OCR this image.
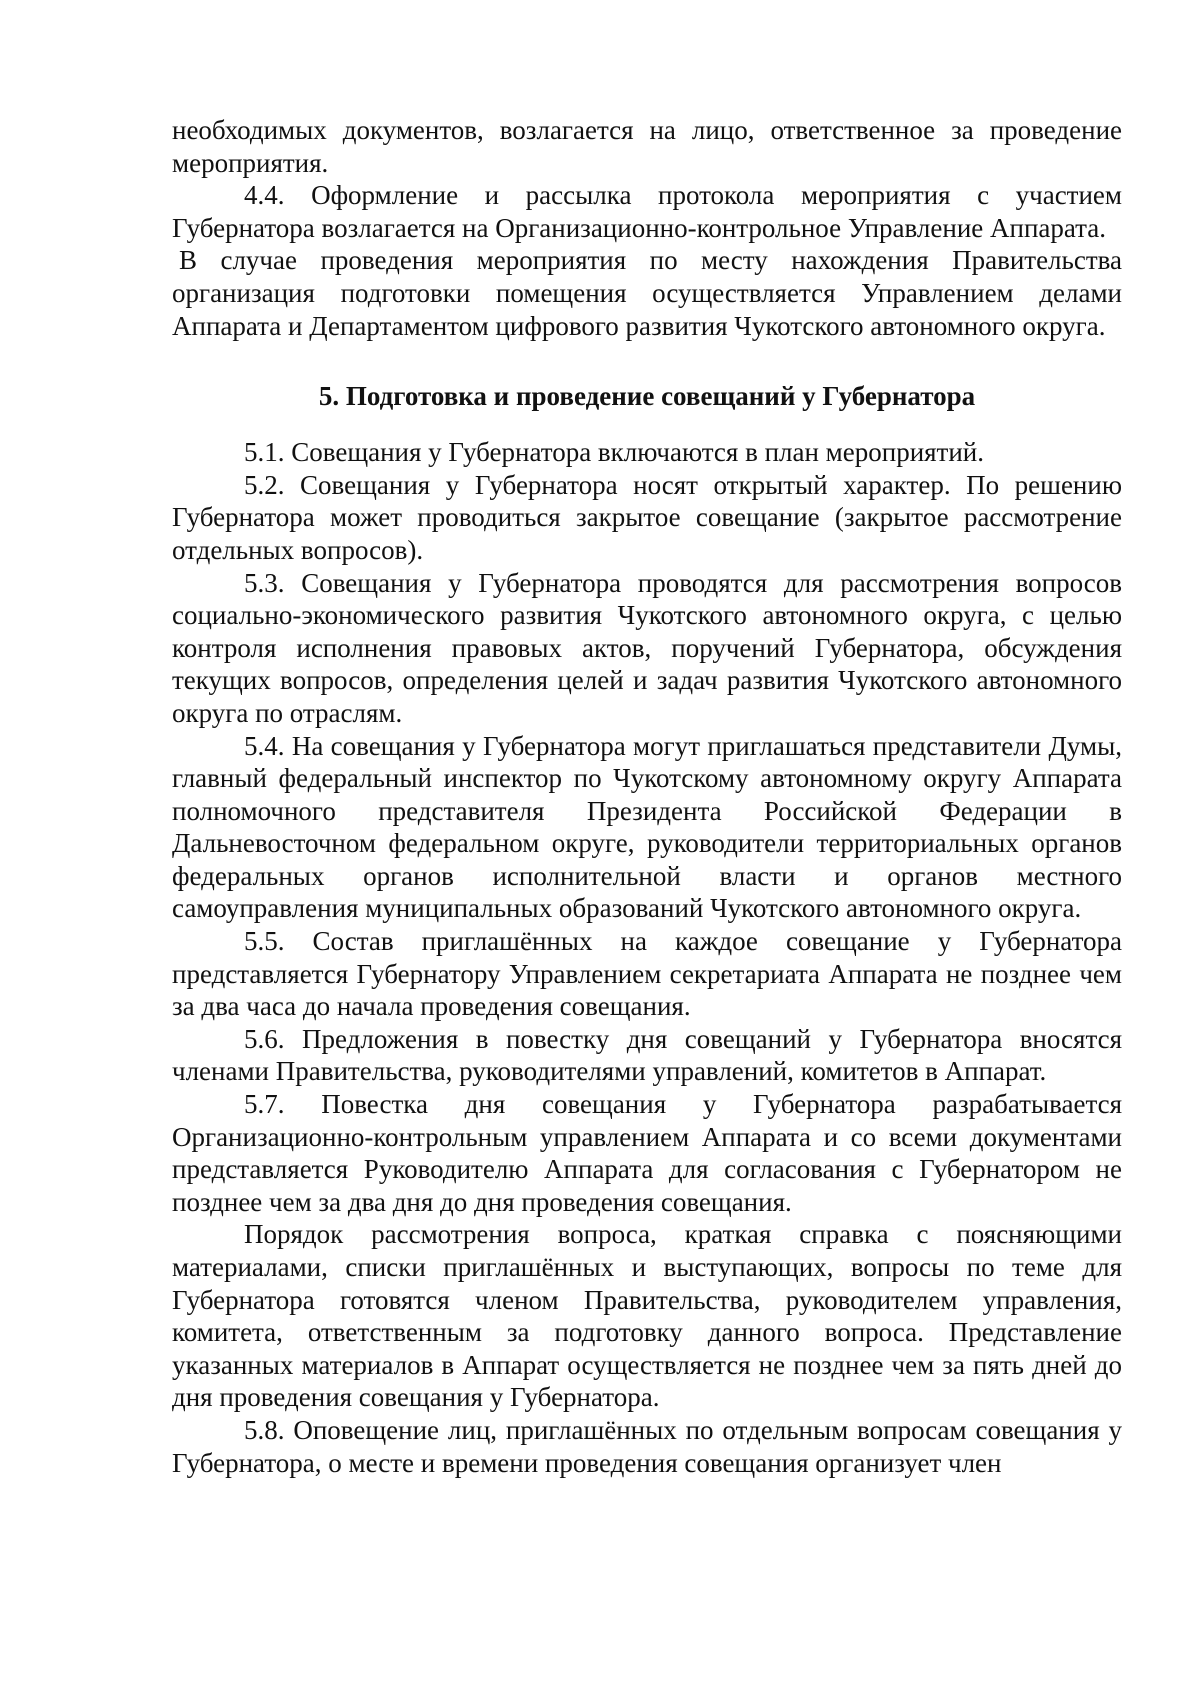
необходимых документов, возлагается на лицо, ответственное за проведение мероприятия.

4.4. Оформление и рассылка протокола мероприятия с участием Губернатора возлагается на Организационно-контрольное Управление Аппарата.

В случае проведения мероприятия по месту нахождения Правительства организация подготовки помещения осуществляется Управлением делами Аппарата и Департаментом цифрового развития Чукотского автономного округа.

5. Подготовка и проведение совещаний у Губернатора

5.1. Совещания у Губернатора включаются в план мероприятий.

5.2. Совещания у Губернатора носят открытый характер. По решению Губернатора может проводиться закрытое совещание (закрытое рассмотрение отдельных вопросов).

5.3. Совещания у Губернатора проводятся для рассмотрения вопросов социально-экономического развития Чукотского автономного округа, с целью контроля исполнения правовых актов, поручений Губернатора, обсуждения текущих вопросов, определения целей и задач развития Чукотского автономного округа по отраслям.

5.4. На совещания у Губернатора могут приглашаться представители Думы, главный федеральный инспектор по Чукотскому автономному округу Аппарата полномочного представителя Президента Российской Федерации в Дальневосточном федеральном округе, руководители территориальных органов федеральных органов исполнительной власти и органов местного самоуправления муниципальных образований Чукотского автономного округа.

5.5. Состав приглашённых на каждое совещание у Губернатора представляется Губернатору Управлением секретариата Аппарата не позднее чем за два часа до начала проведения совещания.

5.6. Предложения в повестку дня совещаний у Губернатора вносятся членами Правительства, руководителями управлений, комитетов в Аппарат.

5.7. Повестка дня совещания у Губернатора разрабатывается Организационно-контрольным управлением Аппарата и со всеми документами представляется Руководителю Аппарата для согласования с Губернатором не позднее чем за два дня до дня проведения совещания.

Порядок рассмотрения вопроса, краткая справка с поясняющими материалами, списки приглашённых и выступающих, вопросы по теме для Губернатора готовятся членом Правительства, руководителем управления, комитета, ответственным за подготовку данного вопроса. Представление указанных материалов в Аппарат осуществляется не позднее чем за пять дней до дня проведения совещания у Губернатора.

5.8. Оповещение лиц, приглашённых по отдельным вопросам совещания у Губернатора, о месте и времени проведения совещания организует член
